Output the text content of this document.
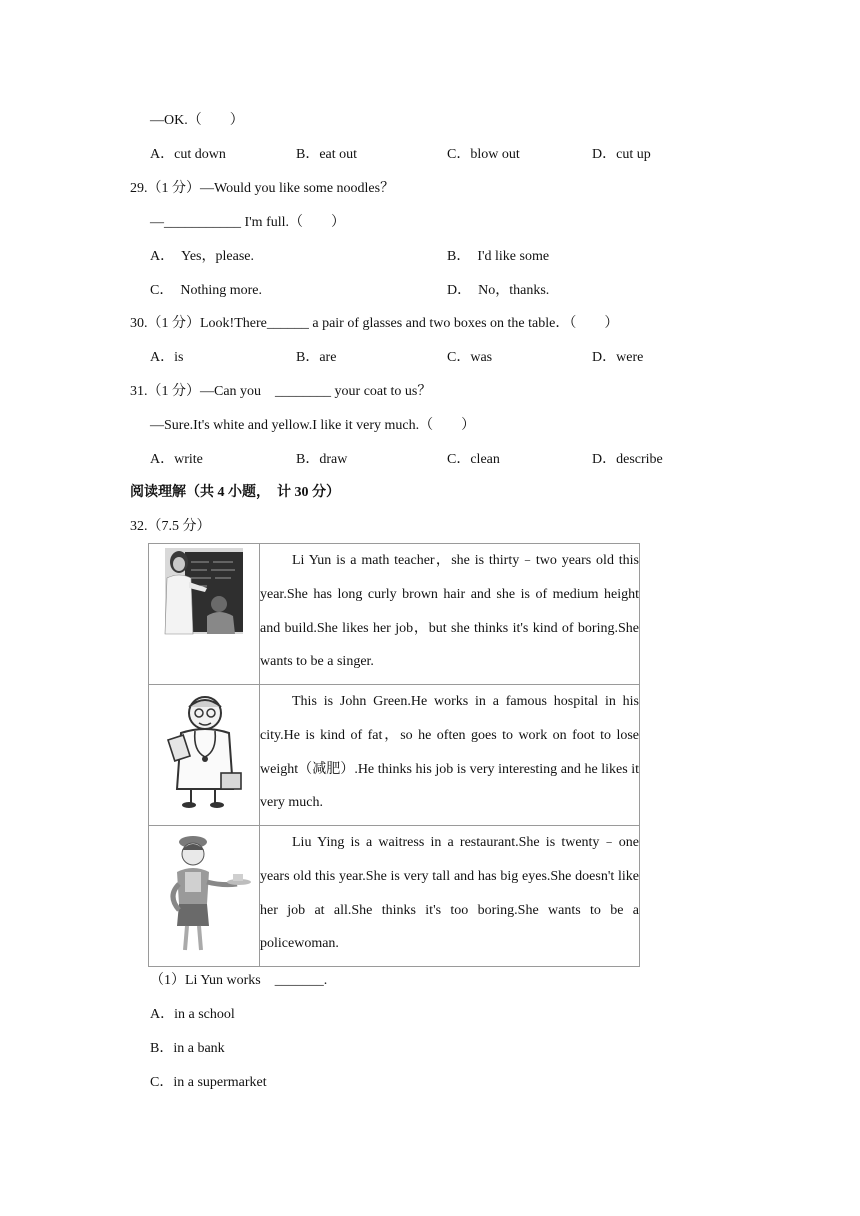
—OK.（　　）
A．cut down	B．eat out	C．blow out	D．cut up
29.（1 分）—Would you like some noodles？
—___________ I'm full.（　　）
A． Yes，please.	B． I'd like some
C． Nothing more.	D． No，thanks.
30.（1 分）Look!There______ a pair of glasses and two boxes on the table．（　　）
A．is	B．are	C．was	D．were
31.（1 分）—Can you　________ your coat to us？
—Sure.It's white and yellow.I like it very much.（　　）
A．write	B．draw	C．clean	D．describe
阅读理解（共 4 小题，　计 30 分）
32.（7.5 分）

Li Yun is a math teacher，she is thirty﹣two years old this year.She has long curly brown hair and she is of medium height and build.She likes her job，but she thinks it's kind of boring.She wants to be a singer.

This is John Green.He works in a famous hospital in his city.He is kind of fat，so he often goes to work on foot to lose weight（减肥）.He thinks his job is very interesting and he likes it very much.

Liu Ying is a waitress in a restaurant.She is twenty﹣one years old this year.She is very tall and has big eyes.She doesn't like her job at all.She thinks it's too boring.She wants to be a policewoman.

（1）Li Yun works　_______.
A．in a school
B．in a bank
C．in a supermarket
